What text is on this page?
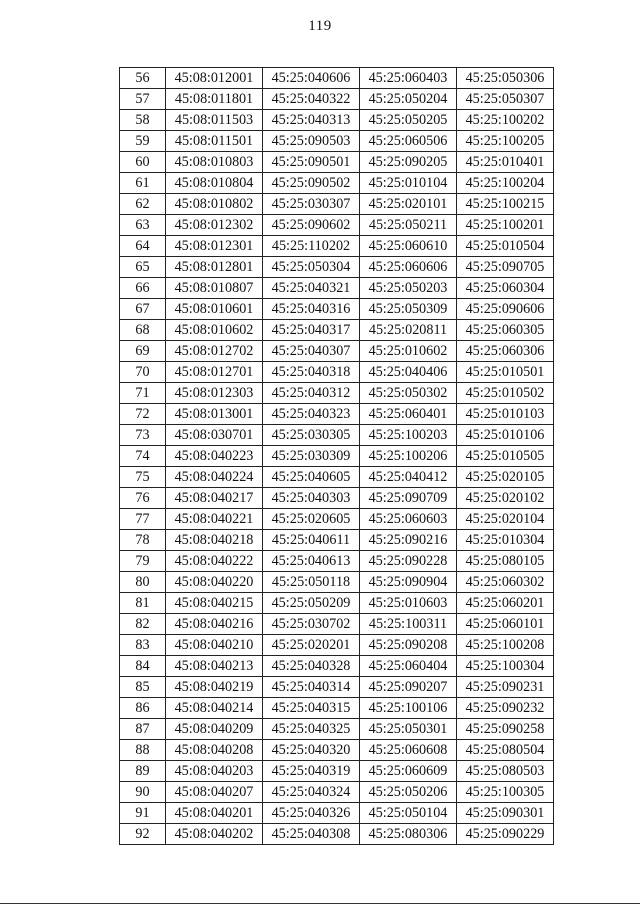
119
56	45:08:012001	45:25:040606	45:25:060403	45:25:050306
57	45:08:011801	45:25:040322	45:25:050204	45:25:050307
58	45:08:011503	45:25:040313	45:25:050205	45:25:100202
59	45:08:011501	45:25:090503	45:25:060506	45:25:100205
60	45:08:010803	45:25:090501	45:25:090205	45:25:010401
61	45:08:010804	45:25:090502	45:25:010104	45:25:100204
62	45:08:010802	45:25:030307	45:25:020101	45:25:100215
63	45:08:012302	45:25:090602	45:25:050211	45:25:100201
64	45:08:012301	45:25:110202	45:25:060610	45:25:010504
65	45:08:012801	45:25:050304	45:25:060606	45:25:090705
66	45:08:010807	45:25:040321	45:25:050203	45:25:060304
67	45:08:010601	45:25:040316	45:25:050309	45:25:090606
68	45:08:010602	45:25:040317	45:25:020811	45:25:060305
69	45:08:012702	45:25:040307	45:25:010602	45:25:060306
70	45:08:012701	45:25:040318	45:25:040406	45:25:010501
71	45:08:012303	45:25:040312	45:25:050302	45:25:010502
72	45:08:013001	45:25:040323	45:25:060401	45:25:010103
73	45:08:030701	45:25:030305	45:25:100203	45:25:010106
74	45:08:040223	45:25:030309	45:25:100206	45:25:010505
75	45:08:040224	45:25:040605	45:25:040412	45:25:020105
76	45:08:040217	45:25:040303	45:25:090709	45:25:020102
77	45:08:040221	45:25:020605	45:25:060603	45:25:020104
78	45:08:040218	45:25:040611	45:25:090216	45:25:010304
79	45:08:040222	45:25:040613	45:25:090228	45:25:080105
80	45:08:040220	45:25:050118	45:25:090904	45:25:060302
81	45:08:040215	45:25:050209	45:25:010603	45:25:060201
82	45:08:040216	45:25:030702	45:25:100311	45:25:060101
83	45:08:040210	45:25:020201	45:25:090208	45:25:100208
84	45:08:040213	45:25:040328	45:25:060404	45:25:100304
85	45:08:040219	45:25:040314	45:25:090207	45:25:090231
86	45:08:040214	45:25:040315	45:25:100106	45:25:090232
87	45:08:040209	45:25:040325	45:25:050301	45:25:090258
88	45:08:040208	45:25:040320	45:25:060608	45:25:080504
89	45:08:040203	45:25:040319	45:25:060609	45:25:080503
90	45:08:040207	45:25:040324	45:25:050206	45:25:100305
91	45:08:040201	45:25:040326	45:25:050104	45:25:090301
92	45:08:040202	45:25:040308	45:25:080306	45:25:090229
